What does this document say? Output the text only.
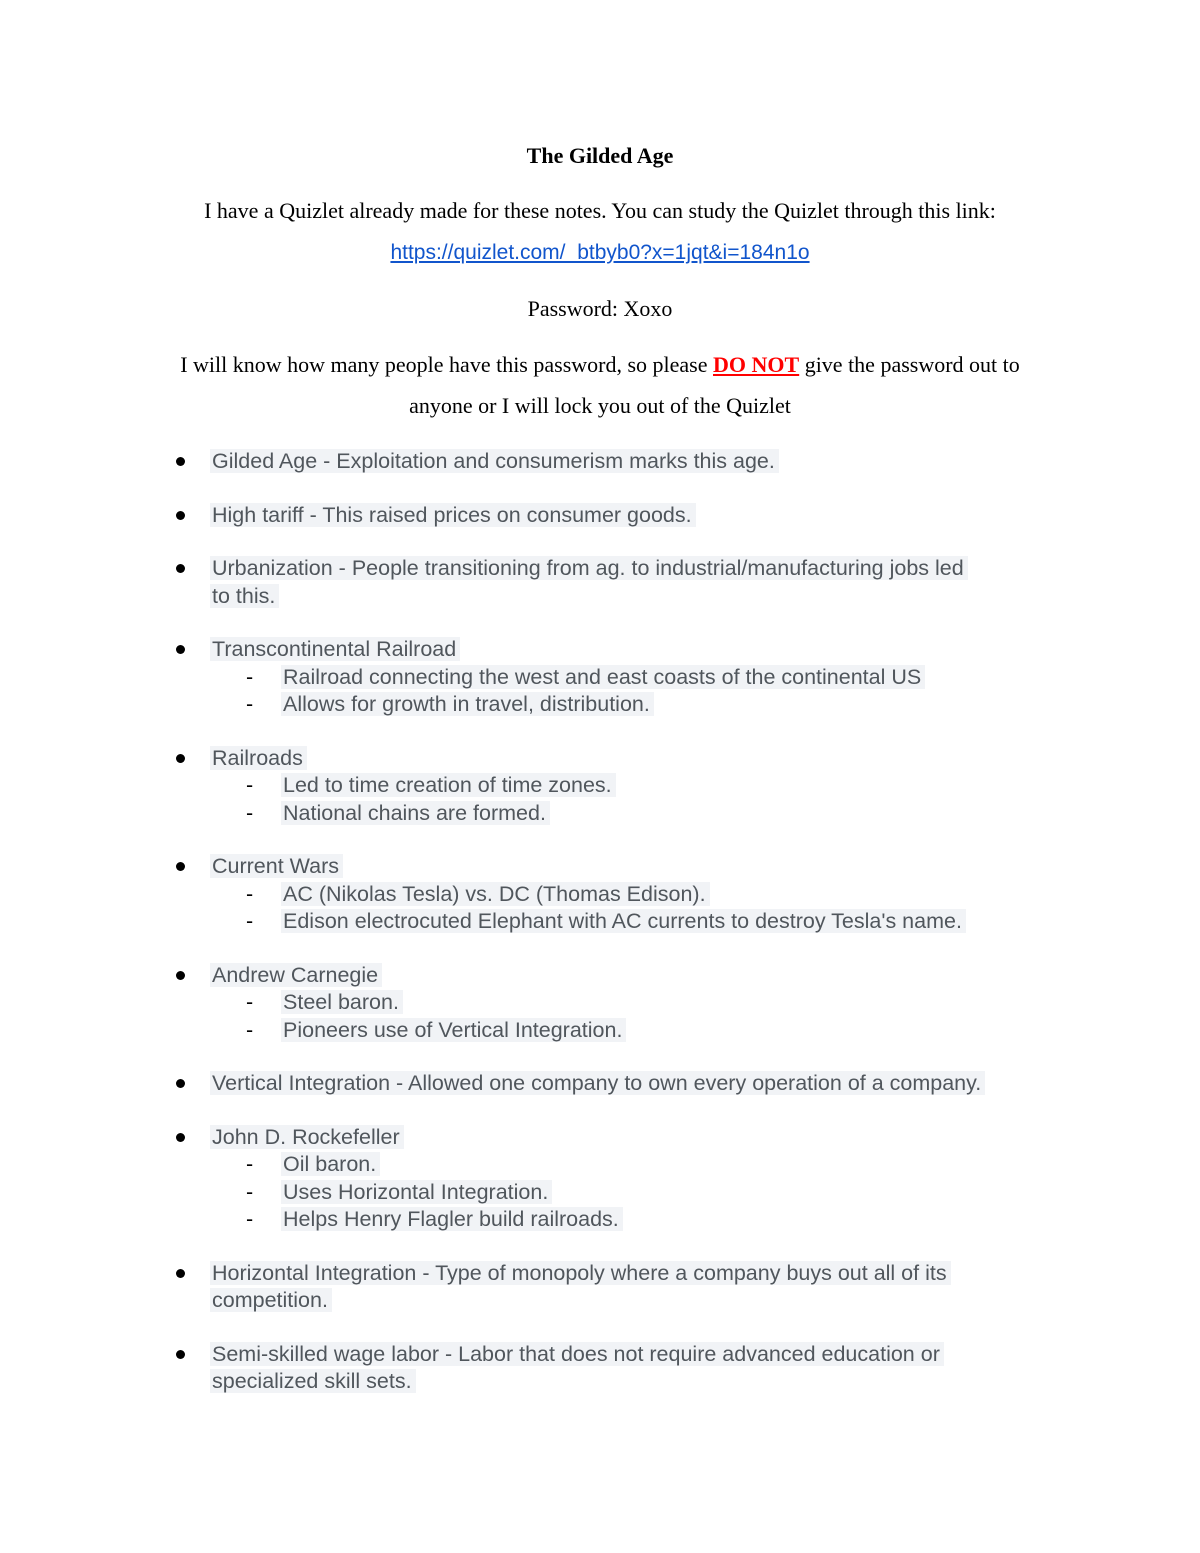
The Gilded Age
I have a Quizlet already made for these notes. You can study the Quizlet through this link:
https://quizlet.com/_btbyb0?x=1jqt&i=184n1o
Password: Xoxo
I will know how many people have this password, so please DO NOT give the password out to
anyone or I will lock you out of the Quizlet
Gilded Age - Exploitation and consumerism marks this age.
High tariff - This raised prices on consumer goods.
Urbanization - People transitioning from ag. to industrial/manufacturing jobs led
to this.
Transcontinental Railroad
- Railroad connecting the west and east coasts of the continental US
- Allows for growth in travel, distribution.
Railroads
- Led to time creation of time zones.
- National chains are formed.
Current Wars
- AC (Nikolas Tesla) vs. DC (Thomas Edison).
- Edison electrocuted Elephant with AC currents to destroy Tesla's name.
Andrew Carnegie
- Steel baron.
- Pioneers use of Vertical Integration.
Vertical Integration - Allowed one company to own every operation of a company.
John D. Rockefeller
- Oil baron.
- Uses Horizontal Integration.
- Helps Henry Flagler build railroads.
Horizontal Integration - Type of monopoly where a company buys out all of its
competition.
Semi-skilled wage labor - Labor that does not require advanced education or
specialized skill sets.
